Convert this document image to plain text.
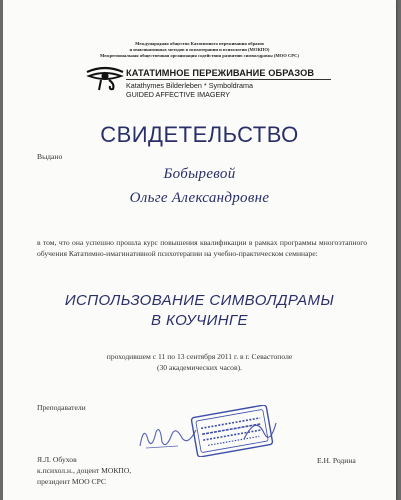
Международная общество Кататимного переживания образов
и имагинативных методов в психотерапии и психологии (МОКПО)
Межрегиональная общественная организация содействия развитию символдрамы (МОО СРС)
КАТАТИМНОЕ ПЕРЕЖИВАНИЕ ОБРАЗОВ
Katathymes Bilderleben * Symboldrama
GUIDED AFFECTIVE IMAGERY
СВИДЕТЕЛЬСТВО
Выдано
Бобыревой
Ольге Александровне
в том, что она успешно прошла курс повышения квалификации в рамках программы многоэтапного обучения Кататимно-имагинативной психотерапии на учебно-практическом семинаре:
ИСПОЛЬЗОВАНИЕ СИМВОЛДРАМЫ
В КОУЧИНГЕ
проходившем с 11 по 13 сентября 2011 г. в г. Севастополе
(30 академических часов).
Преподаватели
Я.Л. Обухов
к.психол.н., доцент МОКПО,
президент МОО СРС
Е.Н. Родина
